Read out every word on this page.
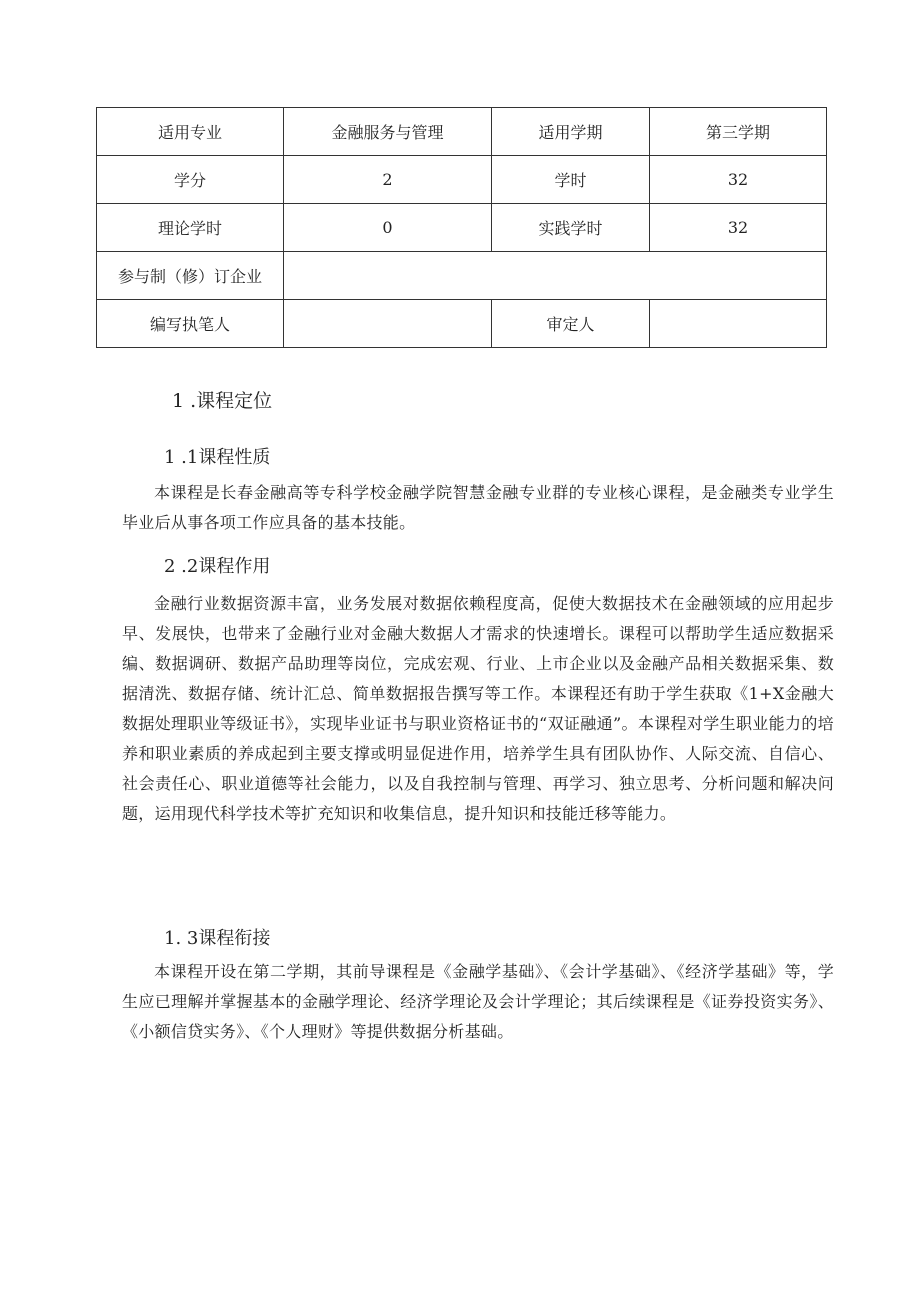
适用专业	金融服务与管理	适用学期	第三学期
学分	2	学时	32
理论学时	0	实践学时	32
参与制（修）订企业			
编写执笔人		审定人	
1 .课程定位
1 .1课程性质

本课程是长春金融高等专科学校金融学院智慧金融专业群的专业核心课程，是金融类专业学生毕业后从事各项工作应具备的基本技能。

2 .2课程作用

金融行业数据资源丰富，业务发展对数据依赖程度高，促使大数据技术在金融领域的应用起步早、发展快，也带来了金融行业对金融大数据人才需求的快速增长。课程可以帮助学生适应数据采编、数据调研、数据产品助理等岗位，完成宏观、行业、上市企业以及金融产品相关数据采集、数据清洗、数据存储、统计汇总、简单数据报告撰写等工作。本课程还有助于学生获取《1+X金融大数据处理职业等级证书》，实现毕业证书与职业资格证书的“双证融通”。本课程对学生职业能力的培养和职业素质的养成起到主要支撑或明显促进作用，培养学生具有团队协作、人际交流、自信心、社会责任心、职业道德等社会能力，以及自我控制与管理、再学习、独立思考、分析问题和解决问题，运用现代科学技术等扩充知识和收集信息，提升知识和技能迁移等能力。

1. 3课程衔接

本课程开设在第二学期，其前导课程是《金融学基础》、《会计学基础》、《经济学基础》等，学生应已理解并掌握基本的金融学理论、经济学理论及会计学理论；其后续课程是《证券投资实务》、《小额信贷实务》、《个人理财》等提供数据分析基础。
